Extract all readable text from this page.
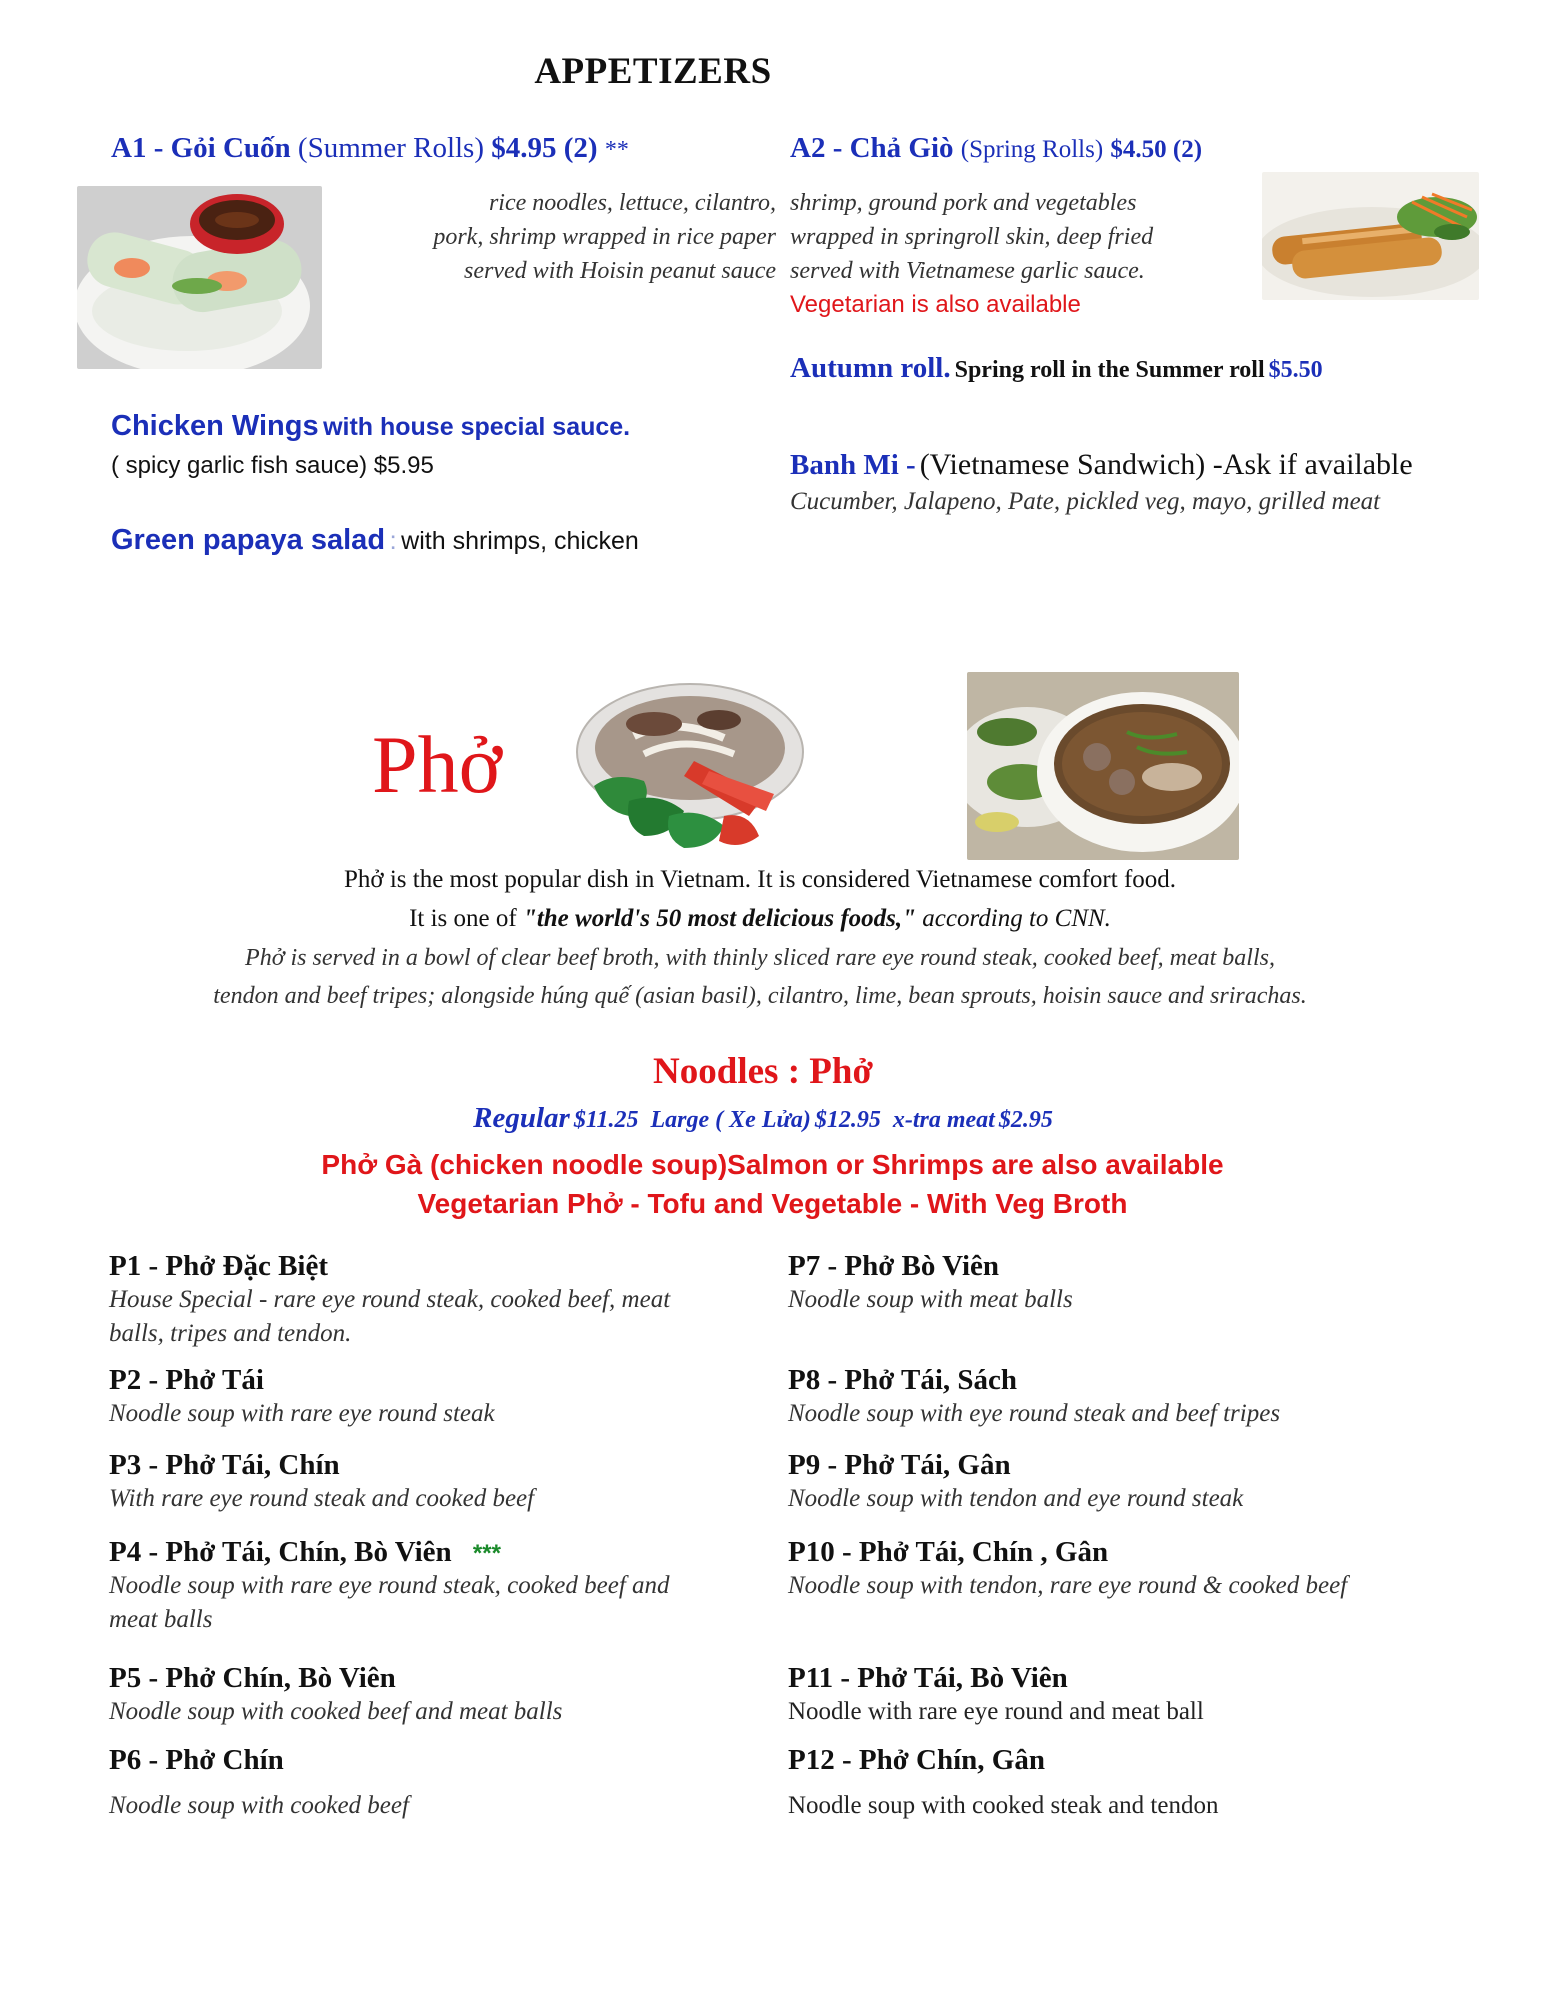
APPETIZERS
A1 - Gỏi Cuốn (Summer Rolls) $4.95 (2) **
rice noodles, lettuce, cilantro,
pork, shrimp wrapped in rice paper
served with Hoisin peanut sauce
A2 - Chả Giò (Spring Rolls) $4.50 (2)
shrimp, ground pork and vegetables
wrapped in springroll skin, deep fried
served with Vietnamese garlic sauce.
Vegetarian is also available
Autumn roll. Spring roll in the Summer roll $5.50
Chicken Wings with house special sauce.
( spicy garlic fish sauce) $5.95	Banh Mi - (Vietnamese Sandwich) -Ask if available
Cucumber, Jalapeno, Pate, pickled veg, mayo, grilled meat
Green papaya salad : with shrimps, chicken
Phở
Phở is the most popular dish in Vietnam. It is considered Vietnamese comfort food.
It is one of "the world's 50 most delicious foods," according to CNN.
Phở is served in a bowl of clear beef broth, with thinly sliced rare eye round steak, cooked beef, meat balls,
tendon and beef tripes; alongside húng quế (asian basil), cilantro, lime, bean sprouts, hoisin sauce and srirachas.
Noodles : Phở
Regular $11.25 Large ( Xe Lửa) $12.95 x-tra meat $2.95
Phở Gà (chicken noodle soup)Salmon or Shrimps are also available
Vegetarian Phở - Tofu and Vegetable - With Veg Broth
P1 - Phở Đặc Biệt
House Special - rare eye round steak, cooked beef, meat
balls, tripes and tendon.
P2 - Phở Tái
Noodle soup with rare eye round steak
P3 - Phở Tái, Chín
With rare eye round steak and cooked beef
P4 - Phở Tái, Chín, Bò Viên ***
Noodle soup with rare eye round steak, cooked beef and
meat balls
P5 - Phở Chín, Bò Viên
Noodle soup with cooked beef and meat balls
P6 - Phở Chín
Noodle soup with cooked beef
P7 - Phở Bò Viên
Noodle soup with meat balls
P8 - Phở Tái, Sách
Noodle soup with eye round steak and beef tripes
P9 - Phở Tái, Gân
Noodle soup with tendon and eye round steak
P10 - Phở Tái, Chín , Gân
Noodle soup with tendon, rare eye round & cooked beef
P11 - Phở Tái, Bò Viên
Noodle with rare eye round and meat ball
P12 - Phở Chín, Gân
Noodle soup with cooked steak and tendon
